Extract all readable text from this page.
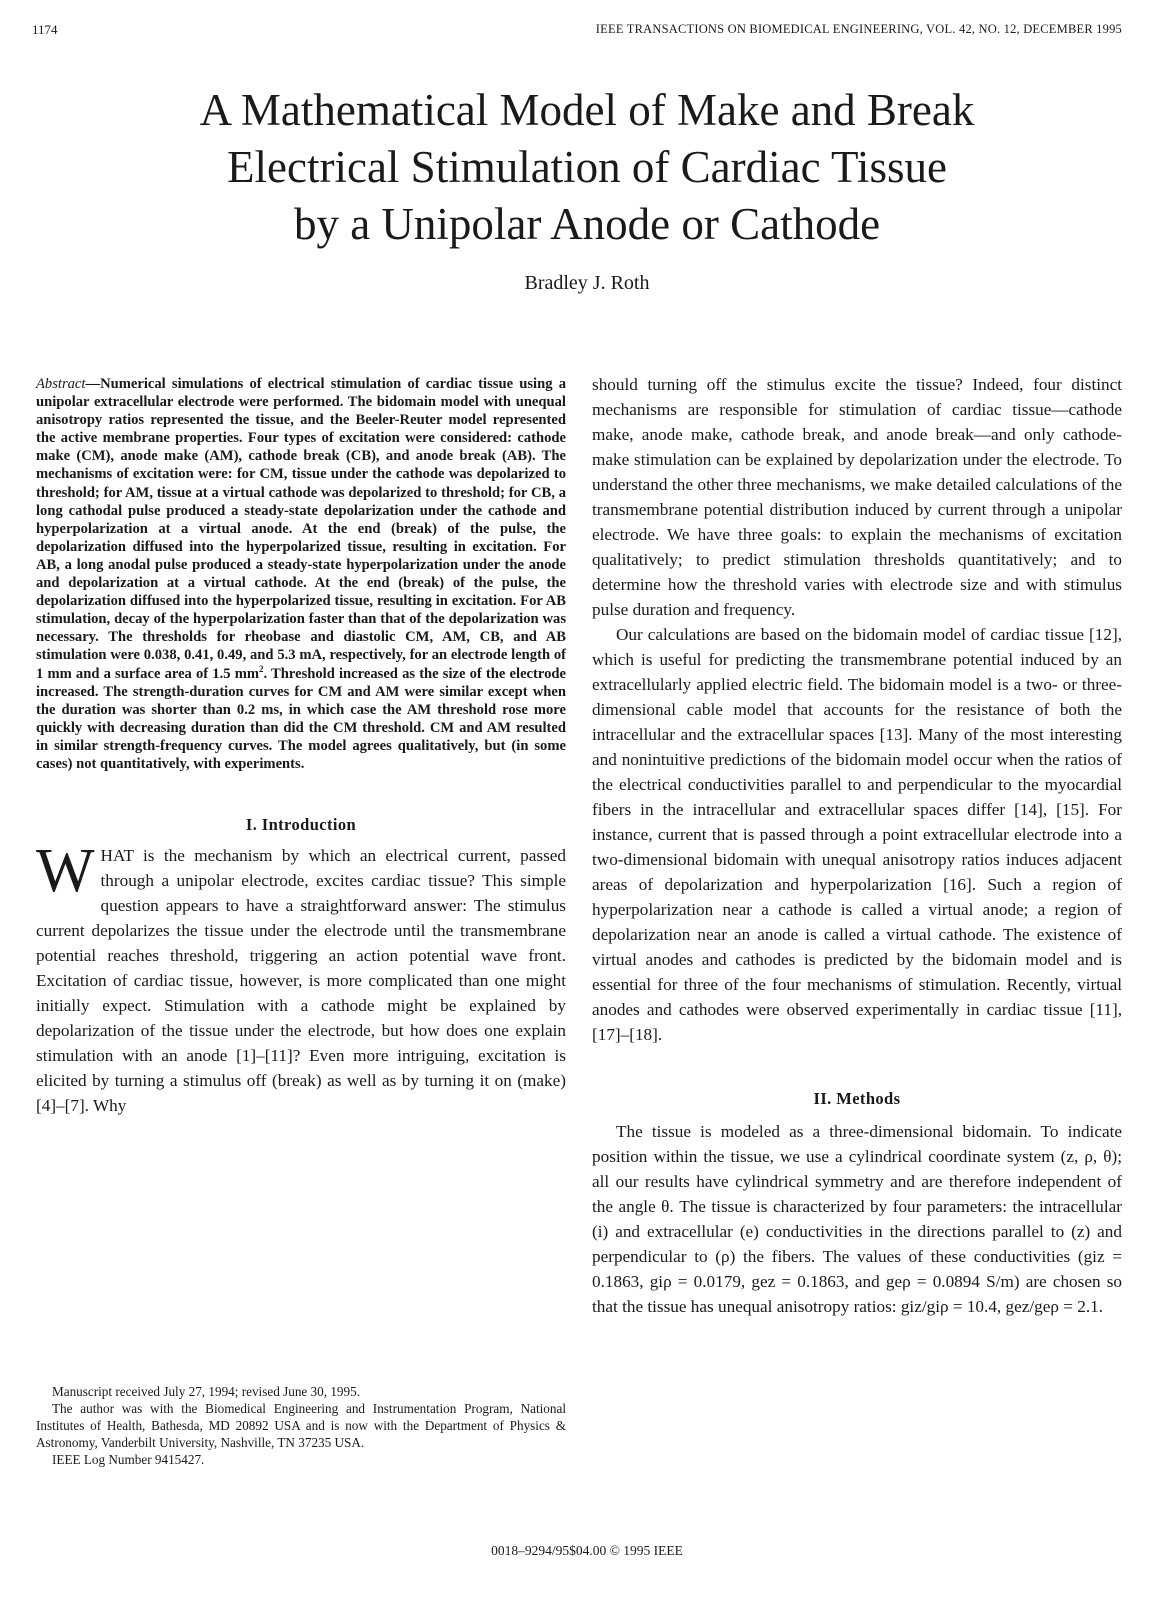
1174	IEEE TRANSACTIONS ON BIOMEDICAL ENGINEERING, VOL. 42, NO. 12, DECEMBER 1995
A Mathematical Model of Make and Break
Electrical Stimulation of Cardiac Tissue
by a Unipolar Anode or Cathode
Bradley J. Roth

Abstract—Numerical simulations of electrical stimulation of cardiac tissue using a unipolar extracellular electrode were performed. The bidomain model with unequal anisotropy ratios represented the tissue, and the Beeler-Reuter model represented the active membrane properties. Four types of excitation were considered: cathode make (CM), anode make (AM), cathode break (CB), and anode break (AB). The mechanisms of excitation were: for CM, tissue under the cathode was depolarized to threshold; for AM, tissue at a virtual cathode was depolarized to threshold; for CB, a long cathodal pulse produced a steady-state depolarization under the cathode and hyperpolarization at a virtual anode. At the end (break) of the pulse, the depolarization diffused into the hyperpolarized tissue, resulting in excitation. For AB, a long anodal pulse produced a steady-state hyperpolarization under the anode and depolarization at a virtual cathode. At the end (break) of the pulse, the depolarization diffused into the hyperpolarized tissue, resulting in excitation. For AB stimulation, decay of the hyperpolarization faster than that of the depolarization was necessary. The thresholds for rheobase and diastolic CM, AM, CB, and AB stimulation were 0.038, 0.41, 0.49, and 5.3 mA, respectively, for an electrode length of 1 mm and a surface area of 1.5 $mm^2$. Threshold increased as the size of the electrode increased. The strength-duration curves for CM and AM were similar except when the duration was shorter than 0.2 ms, in which case the AM threshold rose more quickly with decreasing duration than did the CM threshold. CM and AM resulted in similar strength-frequency curves. The model agrees qualitatively, but (in some cases) not quantitatively, with experiments.

I. Introduction

WHAT is the mechanism by which an electrical current, passed through a unipolar electrode, excites cardiac tissue? This simple question appears to have a straightforward answer: The stimulus current depolarizes the tissue under the electrode until the transmembrane potential reaches threshold, triggering an action potential wave front. Excitation of cardiac tissue, however, is more complicated than one might initially expect. Stimulation with a cathode might be explained by depolarization of the tissue under the electrode, but how does one explain stimulation with an anode [1]–[11]? Even more intriguing, excitation is elicited by turning a stimulus off (break) as well as by turning it on (make) [4]–[7]. Why

Manuscript received July 27, 1994; revised June 30, 1995.

The author was with the Biomedical Engineering and Instrumentation Program, National Institutes of Health, Bathesda, MD 20892 USA and is now with the Department of Physics & Astronomy, Vanderbilt University, Nashville, TN 37235 USA.

IEEE Log Number 9415427.

should turning off the stimulus excite the tissue? Indeed, four distinct mechanisms are responsible for stimulation of cardiac tissue—cathode make, anode make, cathode break, and anode break—and only cathode-make stimulation can be explained by depolarization under the electrode. To understand the other three mechanisms, we make detailed calculations of the transmembrane potential distribution induced by current through a unipolar electrode. We have three goals: to explain the mechanisms of excitation qualitatively; to predict stimulation thresholds quantitatively; and to determine how the threshold varies with electrode size and with stimulus pulse duration and frequency.

Our calculations are based on the bidomain model of cardiac tissue [12], which is useful for predicting the transmembrane potential induced by an extracellularly applied electric field. The bidomain model is a two- or three-dimensional cable model that accounts for the resistance of both the intracellular and the extracellular spaces [13]. Many of the most interesting and nonintuitive predictions of the bidomain model occur when the ratios of the electrical conductivities parallel to and perpendicular to the myocardial fibers in the intracellular and extracellular spaces differ [14], [15]. For instance, current that is passed through a point extracellular electrode into a two-dimensional bidomain with unequal anisotropy ratios induces adjacent areas of depolarization and hyperpolarization [16]. Such a region of hyperpolarization near a cathode is called a virtual anode; a region of depolarization near an anode is called a virtual cathode. The existence of virtual anodes and cathodes is predicted by the bidomain model and is essential for three of the four mechanisms of stimulation. Recently, virtual anodes and cathodes were observed experimentally in cardiac tissue [11], [17]–[18].

II. Methods

The tissue is modeled as a three-dimensional bidomain. To indicate position within the tissue, we use a cylindrical coordinate system (z, ρ, θ); all our results have cylindrical symmetry and are therefore independent of the angle θ. The tissue is characterized by four parameters: the intracellular (i) and extracellular (e) conductivities in the directions parallel to (z) and perpendicular to (ρ) the fibers. The values of these conductivities (giz = 0.1863, giρ = 0.0179, gez = 0.1863, and geρ = 0.0894 S/m) are chosen so that the tissue has unequal anisotropy ratios: giz/giρ = 10.4, gez/geρ = 2.1.

0018–9294/95$04.00 © 1995 IEEE
